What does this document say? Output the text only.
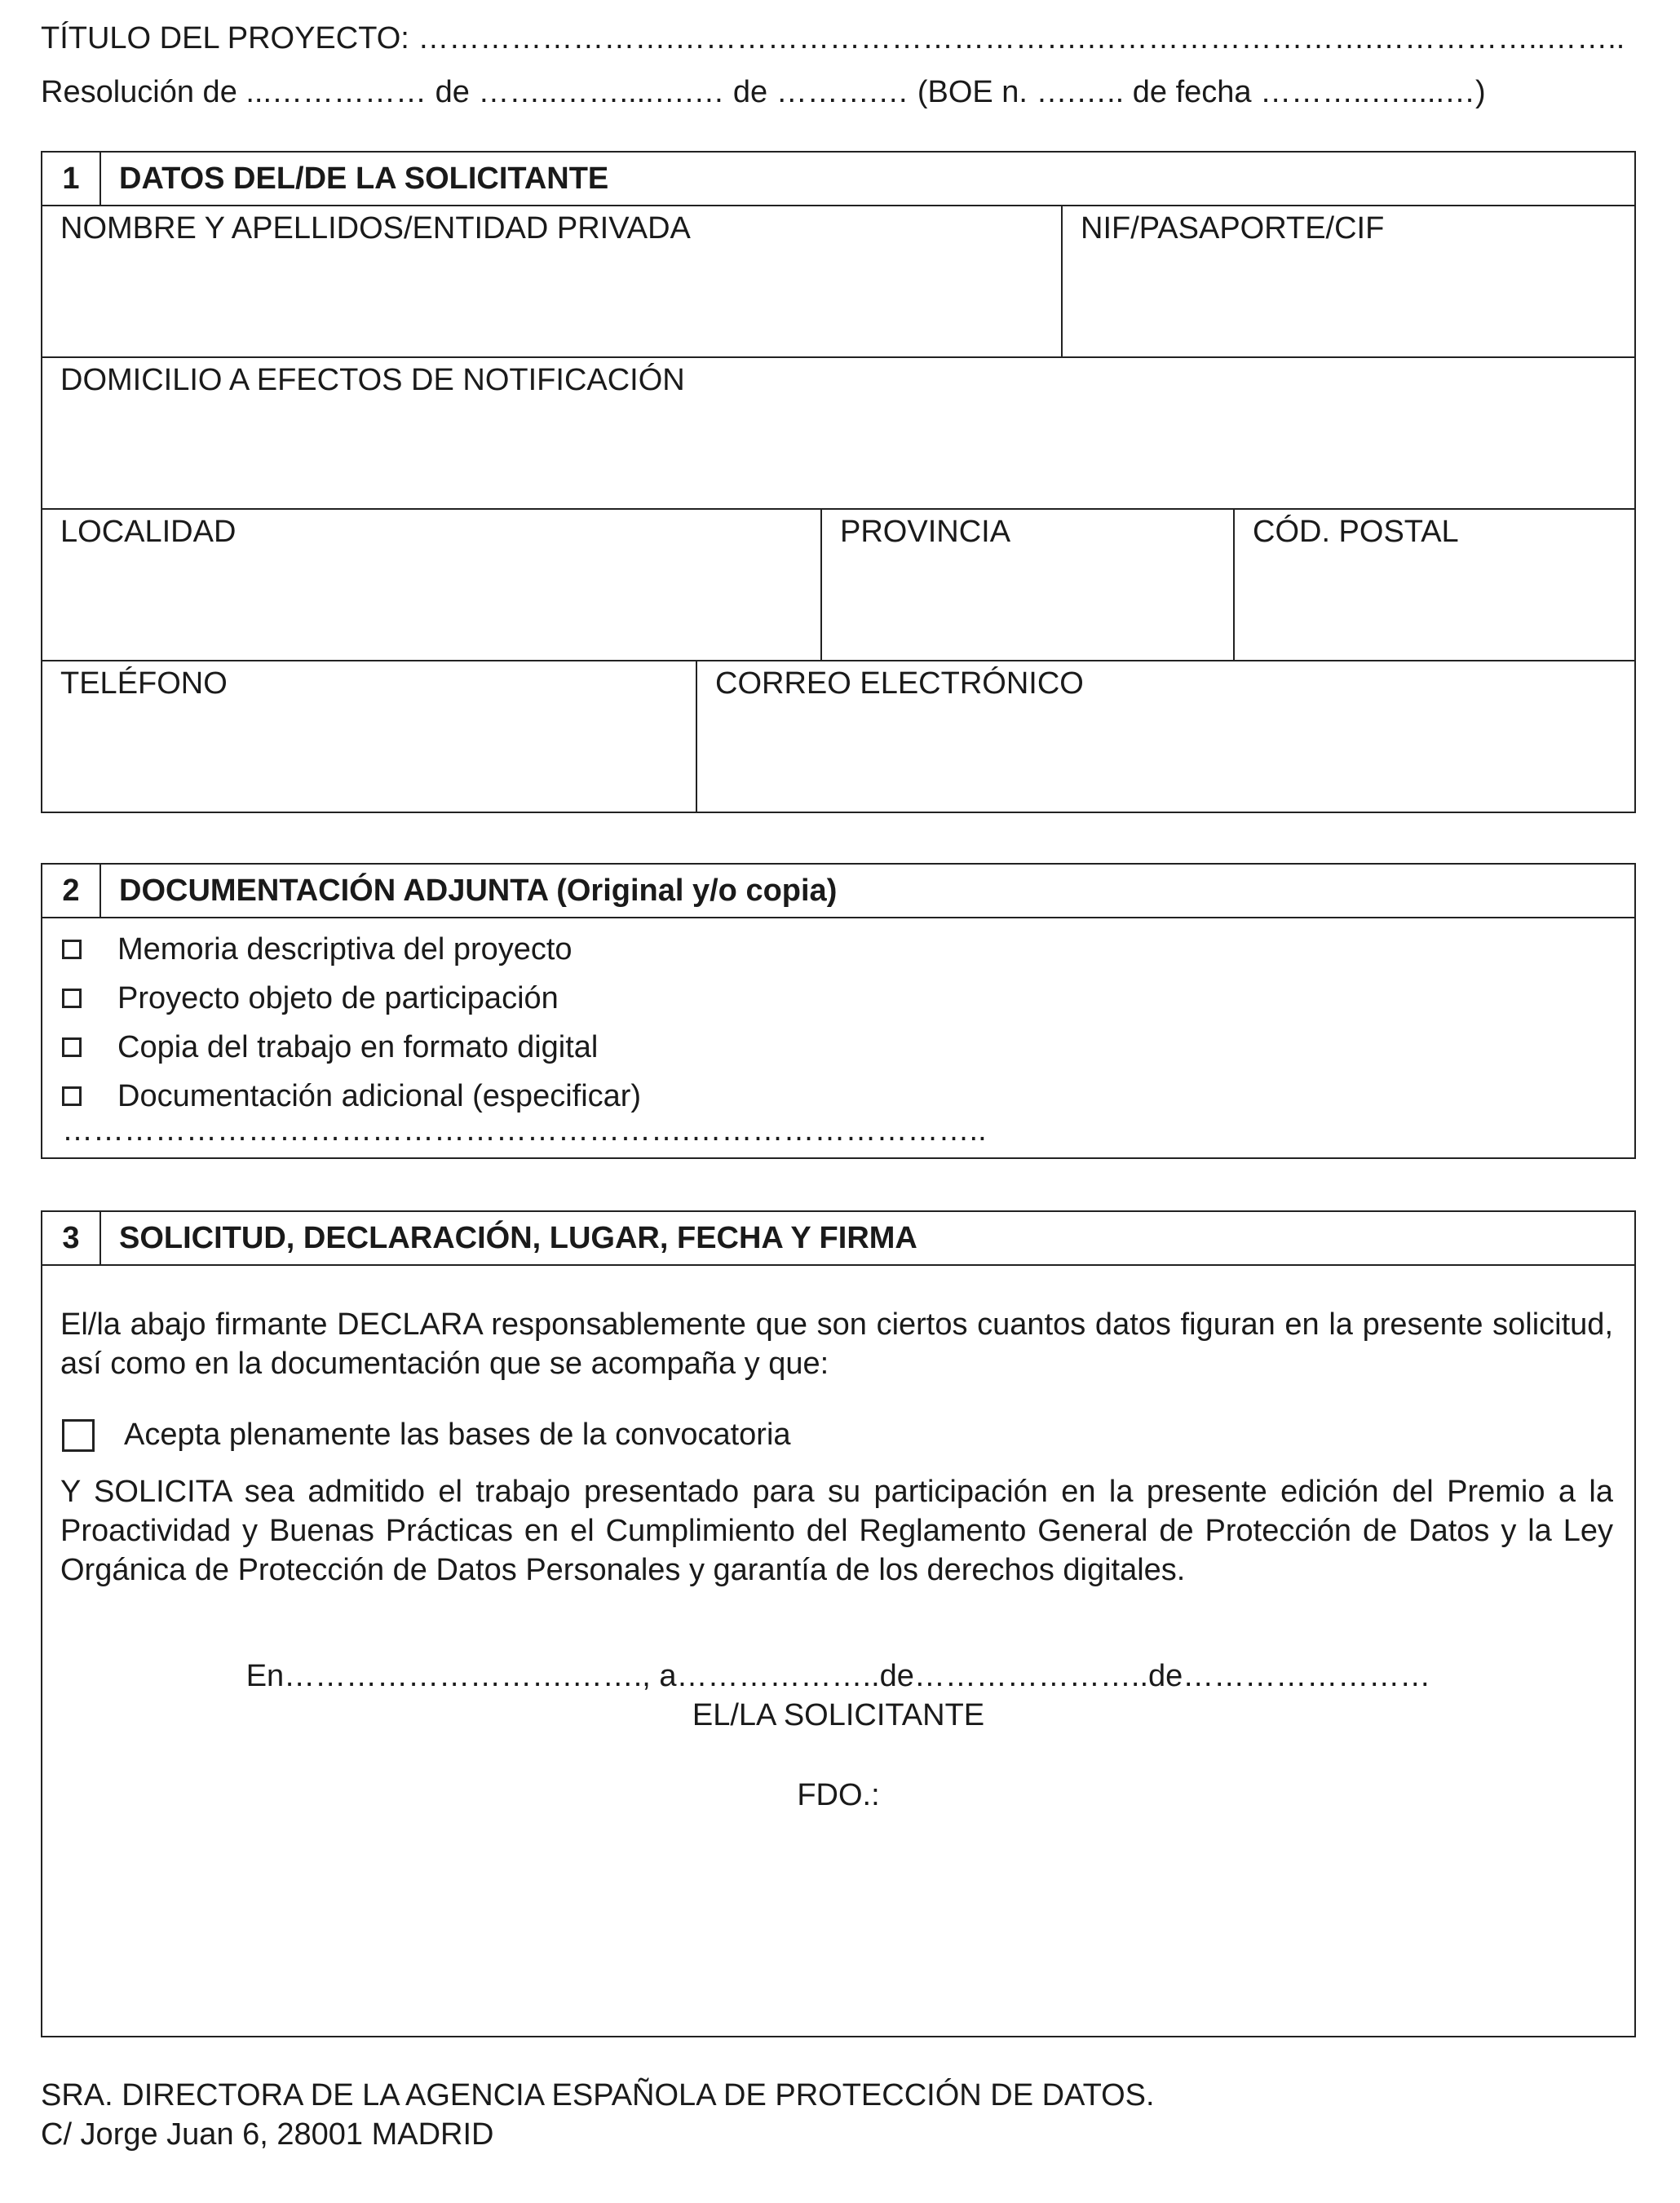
TÍTULO DEL PROYECTO: …………………….………………………………….……………………….……………..……..
Resolución de ...…………… de ……..……....….… de ……….… (BOE n. ….….. de fecha ………..….....…)
1	DATOS DEL/DE LA SOLICITANTE
NOMBRE Y APELLIDOS/ENTIDAD PRIVADA	NIF/PASAPORTE/CIF
DOMICILIO A EFECTOS DE NOTIFICACIÓN
LOCALIDAD	PROVINCIA	CÓD. POSTAL
TELÉFONO	CORREO ELECTRÓNICO
2	DOCUMENTACIÓN ADJUNTA (Original y/o copia)
Memoria descriptiva del proyecto
Proyecto objeto de participación
Copia del trabajo en formato digital
Documentación adicional (especificar)
…………………………………………………….………………………..
3	SOLICITUD, DECLARACIÓN, LUGAR, FECHA Y FIRMA
El/la abajo firmante DECLARA responsablemente que son ciertos cuantos datos figuran en la presente solicitud, así como en la documentación que se acompaña y que:
Acepta plenamente las bases de la convocatoria
Y SOLICITA sea admitido el trabajo presentado para su participación en la presente edición del Premio a la Proactividad y Buenas Prácticas en el Cumplimiento del Reglamento General de Protección de Datos y la Ley Orgánica de Protección de Datos Personales y garantía de los derechos digitales.
En……………………….……., a………………..de…………………..de……………………
EL/LA SOLICITANTE
FDO.:
SRA. DIRECTORA DE LA AGENCIA ESPAÑOLA DE PROTECCIÓN DE DATOS.
C/ Jorge Juan 6, 28001 MADRID
